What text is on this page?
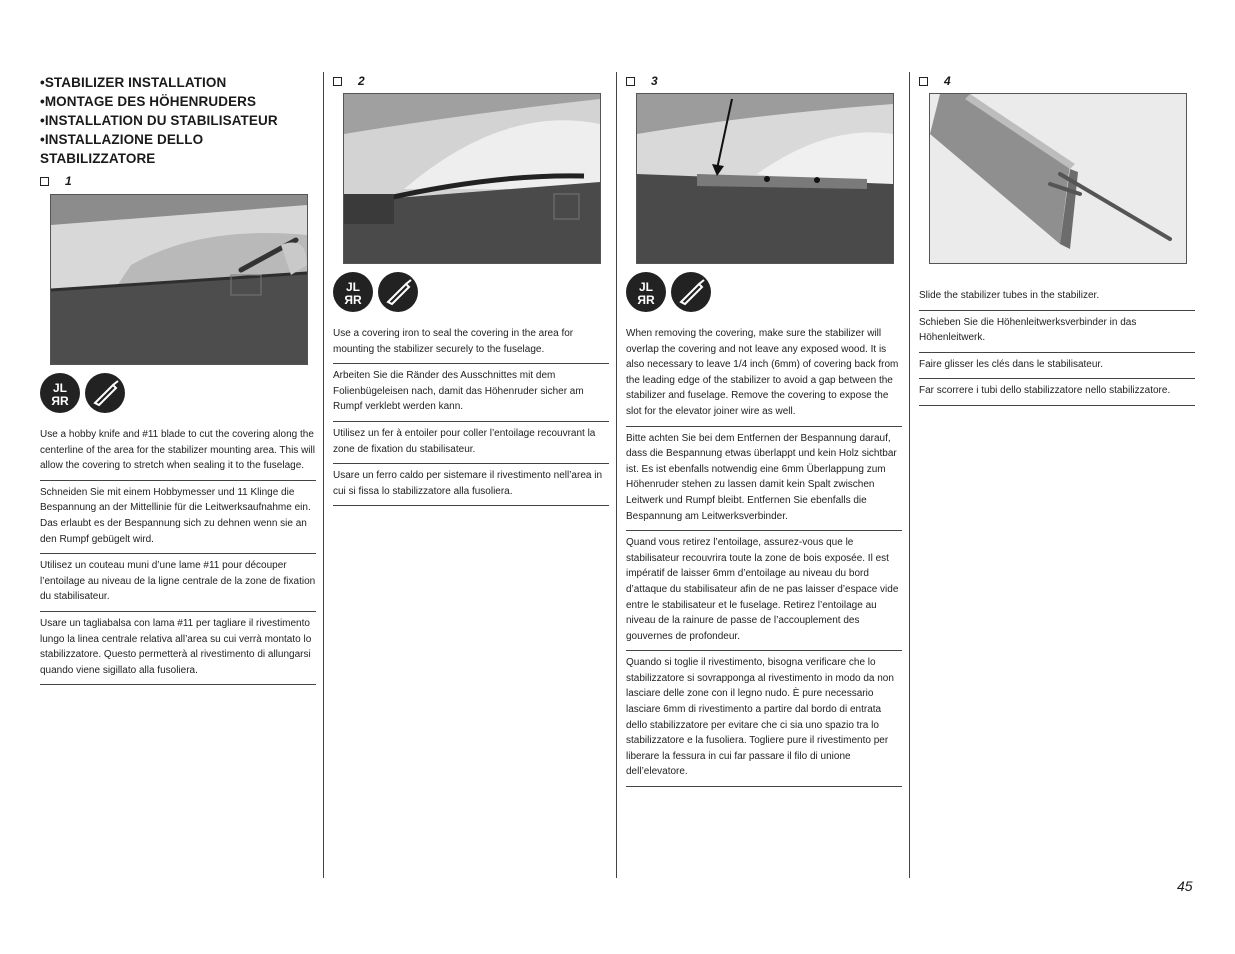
•STABILIZER INSTALLATION
•MONTAGE DES HÖHENRUDERS
•INSTALLATION DU STABILISATEUR
•INSTALLAZIONE DELLO STABILIZZATORE
1
JL
ЯR
Use a hobby knife and #11 blade to cut the covering along the centerline of the area for the stabilizer mounting area. This will allow the covering to stretch when sealing it to the fuselage.
Schneiden Sie mit einem Hobbymesser und 11 Klinge die Bespannung an der Mittellinie für die Leitwerksaufnahme ein. Das erlaubt es der Bespannung sich zu dehnen wenn sie an den Rumpf gebügelt wird.
Utilisez un couteau muni d’une lame #11 pour découper l’entoilage au niveau de la ligne centrale de la zone de fixation du stabilisateur.
Usare un tagliabalsa con lama #11 per tagliare il rivestimento lungo la linea centrale relativa all’area su cui verrà montato lo stabilizzatore. Questo permetterà al rivestimento di allungarsi quando viene sigillato alla fusoliera.
2
JL
ЯR
Use a covering iron to seal the covering in the area for mounting the stabilizer securely to the fuselage.
Arbeiten Sie die Ränder des Ausschnittes mit dem Folienbügeleisen nach, damit das Höhenruder sicher am Rumpf verklebt werden kann.
Utilisez un fer à entoiler pour coller l’entoilage recouvrant la zone de fixation du stabilisateur.
Usare un ferro caldo per sistemare il rivestimento nell’area in cui si fissa lo stabilizzatore alla fusoliera.
3
JL
ЯR
When removing the covering, make sure the stabilizer will overlap the covering and not leave any exposed wood. It is also necessary to leave 1/4 inch (6mm) of covering back from the leading edge of the stabilizer to avoid a gap between the stabilizer and fuselage. Remove the covering to expose the slot for the elevator joiner wire as well.
Bitte achten Sie bei dem Entfernen der Bespannung darauf, dass die Bespannung etwas überlappt und kein Holz sichtbar ist. Es ist ebenfalls notwendig eine 6mm Überlappung zum Höhenruder stehen zu lassen damit kein Spalt zwischen Leitwerk und Rumpf bleibt. Entfernen Sie ebenfalls die Bespannung am Leitwerksverbinder.
Quand vous retirez l’entoilage, assurez-vous que le stabilisateur recouvrira toute la zone de bois exposée. Il est impératif de laisser 6mm d’entoilage au niveau du bord d’attaque du stabilisateur afin de ne pas laisser d’espace vide entre le stabilisateur et le fuselage. Retirez l’entoilage au niveau de la rainure de passe de l’accouplement des gouvernes de profondeur.
Quando si toglie il rivestimento, bisogna verificare che lo stabilizzatore si sovrapponga al rivestimento in modo da non lasciare delle zone con il legno nudo. È pure necessario lasciare 6mm di rivestimento a partire dal bordo di entrata dello stabilizzatore per evitare che ci sia uno spazio tra lo stabilizzatore e la fusoliera. Togliere pure il rivestimento per liberare la fessura in cui far passare il filo di unione dell’elevatore.
4
Slide the stabilizer tubes in the stabilizer.
Schieben Sie die Höhenleitwerksverbinder in das Höhenleitwerk.
Faire glisser les clés dans le stabilisateur.
Far scorrere i tubi dello stabilizzatore nello stabilizzatore.
45
